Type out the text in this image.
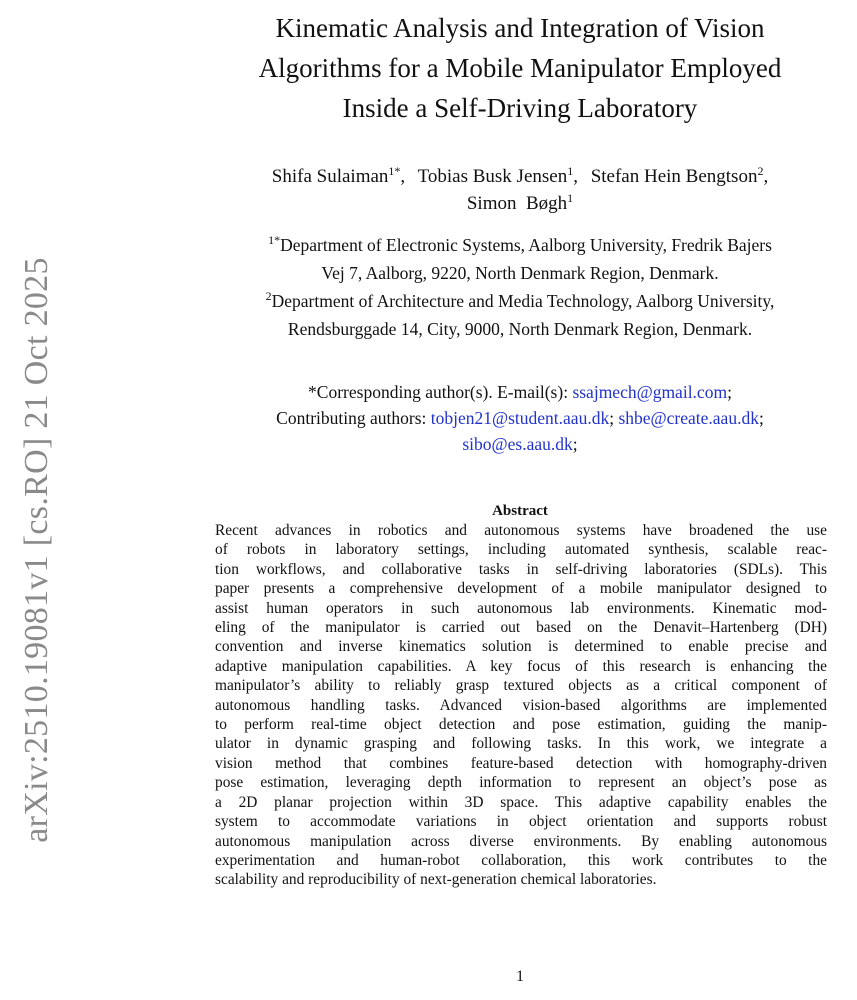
arXiv:2510.19081v1 [cs.RO] 21 Oct 2025
Kinematic Analysis and Integration of Vision
Algorithms for a Mobile Manipulator Employed
Inside a Self-Driving Laboratory
Shifa Sulaiman$^{1*}$, Tobias Busk Jensen$^1$, Stefan Hein Bengtson$^2$,
Simon  Bøgh$^1$
$^{1*}$Department of Electronic Systems, Aalborg University, Fredrik Bajers
Vej 7, Aalborg, 9220, North Denmark Region, Denmark.
$^2$Department of Architecture and Media Technology, Aalborg University,
Rendsburggade 14, City, 9000, North Denmark Region, Denmark.
*Corresponding author(s). E-mail(s): ssajmech@gmail.com;
Contributing authors: tobjen21@student.aau.dk; shbe@create.aau.dk;
sibo@es.aau.dk;
Abstract
Recent advances in robotics and autonomous systems have broadened the use
of robots in laboratory settings, including automated synthesis, scalable reac-
tion workflows, and collaborative tasks in self-driving laboratories (SDLs). This
paper presents a comprehensive development of a mobile manipulator designed to
assist human operators in such autonomous lab environments. Kinematic mod-
eling of the manipulator is carried out based on the Denavit–Hartenberg (DH)
convention and inverse kinematics solution is determined to enable precise and
adaptive manipulation capabilities. A key focus of this research is enhancing the
manipulator’s ability to reliably grasp textured objects as a critical component of
autonomous handling tasks. Advanced vision-based algorithms are implemented
to perform real-time object detection and pose estimation, guiding the manip-
ulator in dynamic grasping and following tasks. In this work, we integrate a
vision method that combines feature-based detection with homography-driven
pose estimation, leveraging depth information to represent an object’s pose as
a 2D planar projection within 3D space. This adaptive capability enables the
system to accommodate variations in object orientation and supports robust
autonomous manipulation across diverse environments. By enabling autonomous
experimentation and human-robot collaboration, this work contributes to the
scalability and reproducibility of next-generation chemical laboratories.
1
